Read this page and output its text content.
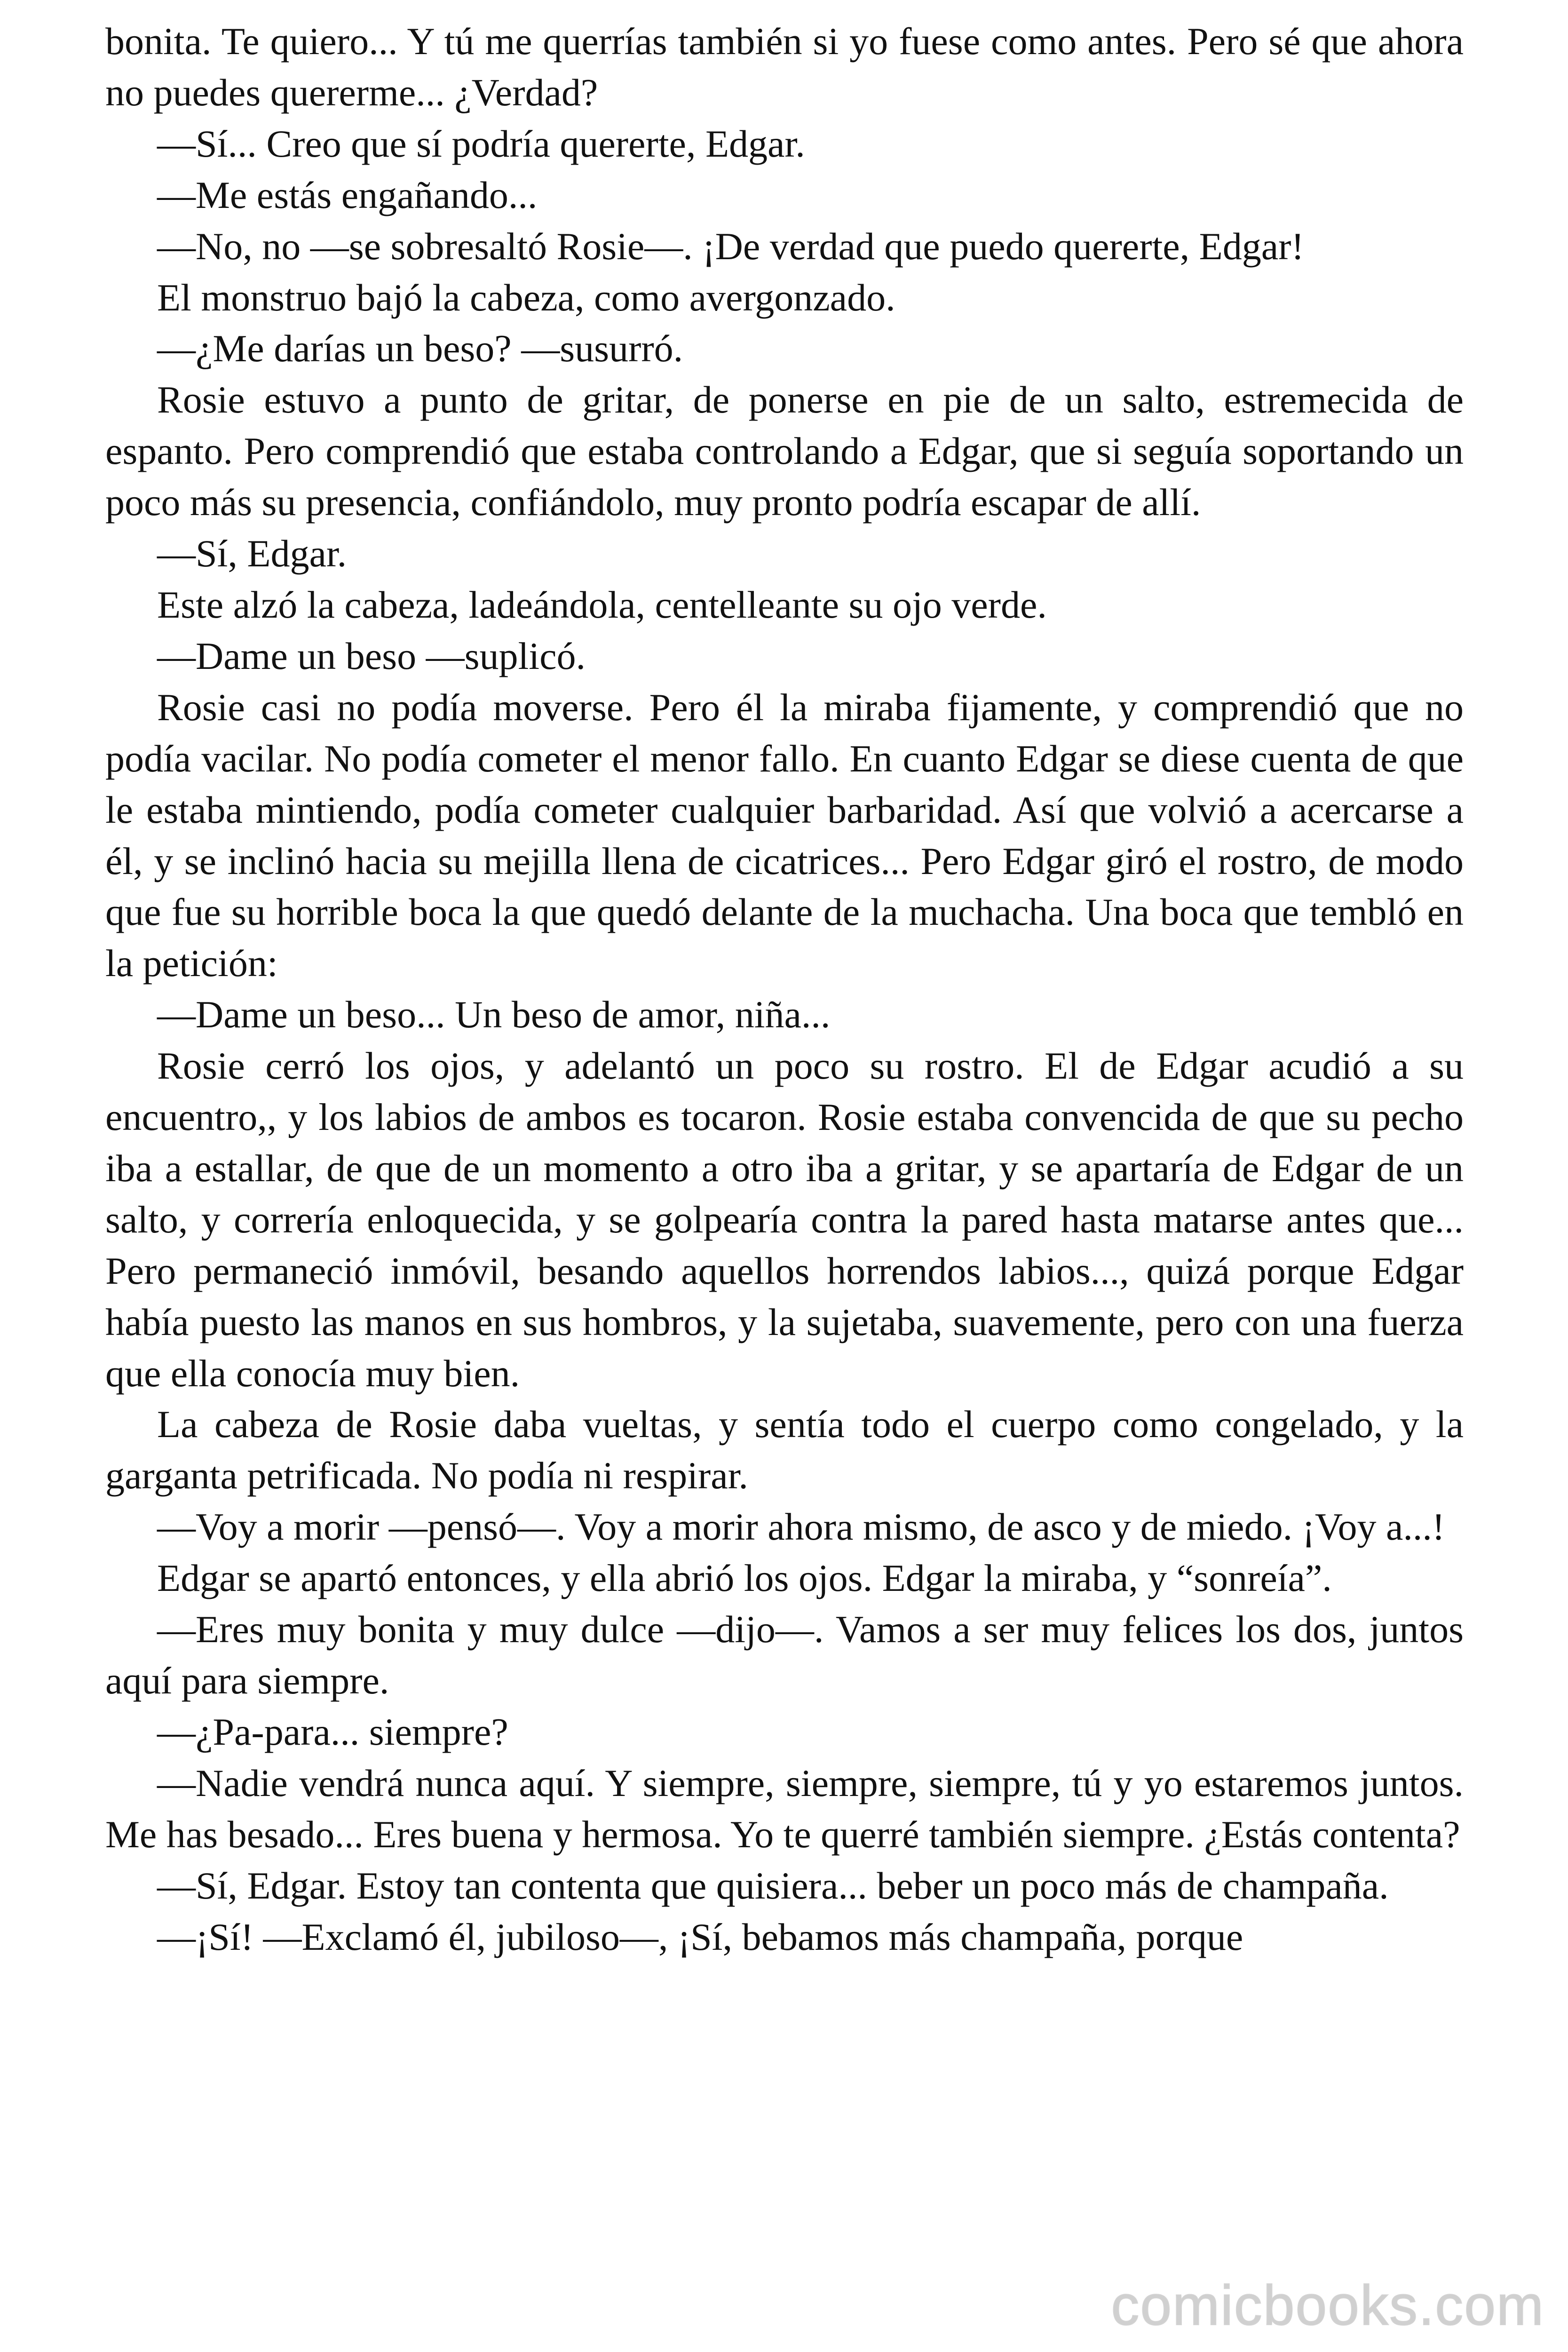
bonita. Te quiero... Y tú me querrías también si yo fuese como antes. Pero sé que ahora no puedes quererme... ¿Verdad?

—Sí... Creo que sí podría quererte, Edgar.

—Me estás engañando...

—No, no —se sobresaltó Rosie—. ¡De verdad que puedo quererte, Edgar!

El monstruo bajó la cabeza, como avergonzado.

—¿Me darías un beso? —susurró.

Rosie estuvo a punto de gritar, de ponerse en pie de un salto, estremecida de espanto. Pero comprendió que estaba controlando a Edgar, que si seguía soportando un poco más su presencia, confiándolo, muy pronto podría escapar de allí.

—Sí, Edgar.

Este alzó la cabeza, ladeándola, centelleante su ojo verde.

—Dame un beso —suplicó.

Rosie casi no podía moverse. Pero él la miraba fijamente, y comprendió que no podía vacilar. No podía cometer el menor fallo. En cuanto Edgar se diese cuenta de que le estaba mintiendo, podía cometer cualquier barbaridad. Así que volvió a acercarse a él, y se inclinó hacia su mejilla llena de cicatrices... Pero Edgar giró el rostro, de modo que fue su horrible boca la que quedó delante de la muchacha. Una boca que tembló en la petición:

—Dame un beso... Un beso de amor, niña...

Rosie cerró los ojos, y adelantó un poco su rostro. El de Edgar acudió a su encuentro,, y los labios de ambos es tocaron. Rosie estaba convencida de que su pecho iba a estallar, de que de un momento a otro iba a gritar, y se apartaría de Edgar de un salto, y correría enloquecida, y se golpearía contra la pared hasta matarse antes que... Pero permaneció inmóvil, besando aquellos horrendos labios..., quizá porque Edgar había puesto las manos en sus hombros, y la sujetaba, suavemente, pero con una fuerza que ella conocía muy bien.

La cabeza de Rosie daba vueltas, y sentía todo el cuerpo como congelado, y la garganta petrificada. No podía ni respirar.

—Voy a morir —pensó—. Voy a morir ahora mismo, de asco y de miedo. ¡Voy a...!

Edgar se apartó entonces, y ella abrió los ojos. Edgar la miraba, y “sonreía”.

—Eres muy bonita y muy dulce —dijo—. Vamos a ser muy felices los dos, juntos aquí para siempre.

—¿Pa-para... siempre?

—Nadie vendrá nunca aquí. Y siempre, siempre, siempre, tú y yo estaremos juntos. Me has besado... Eres buena y hermosa. Yo te querré también siempre. ¿Estás contenta?

—Sí, Edgar. Estoy tan contenta que quisiera... beber un poco más de champaña.

—¡Sí! —Exclamó él, jubiloso—, ¡Sí, bebamos más champaña, porque

comicbooks.com
